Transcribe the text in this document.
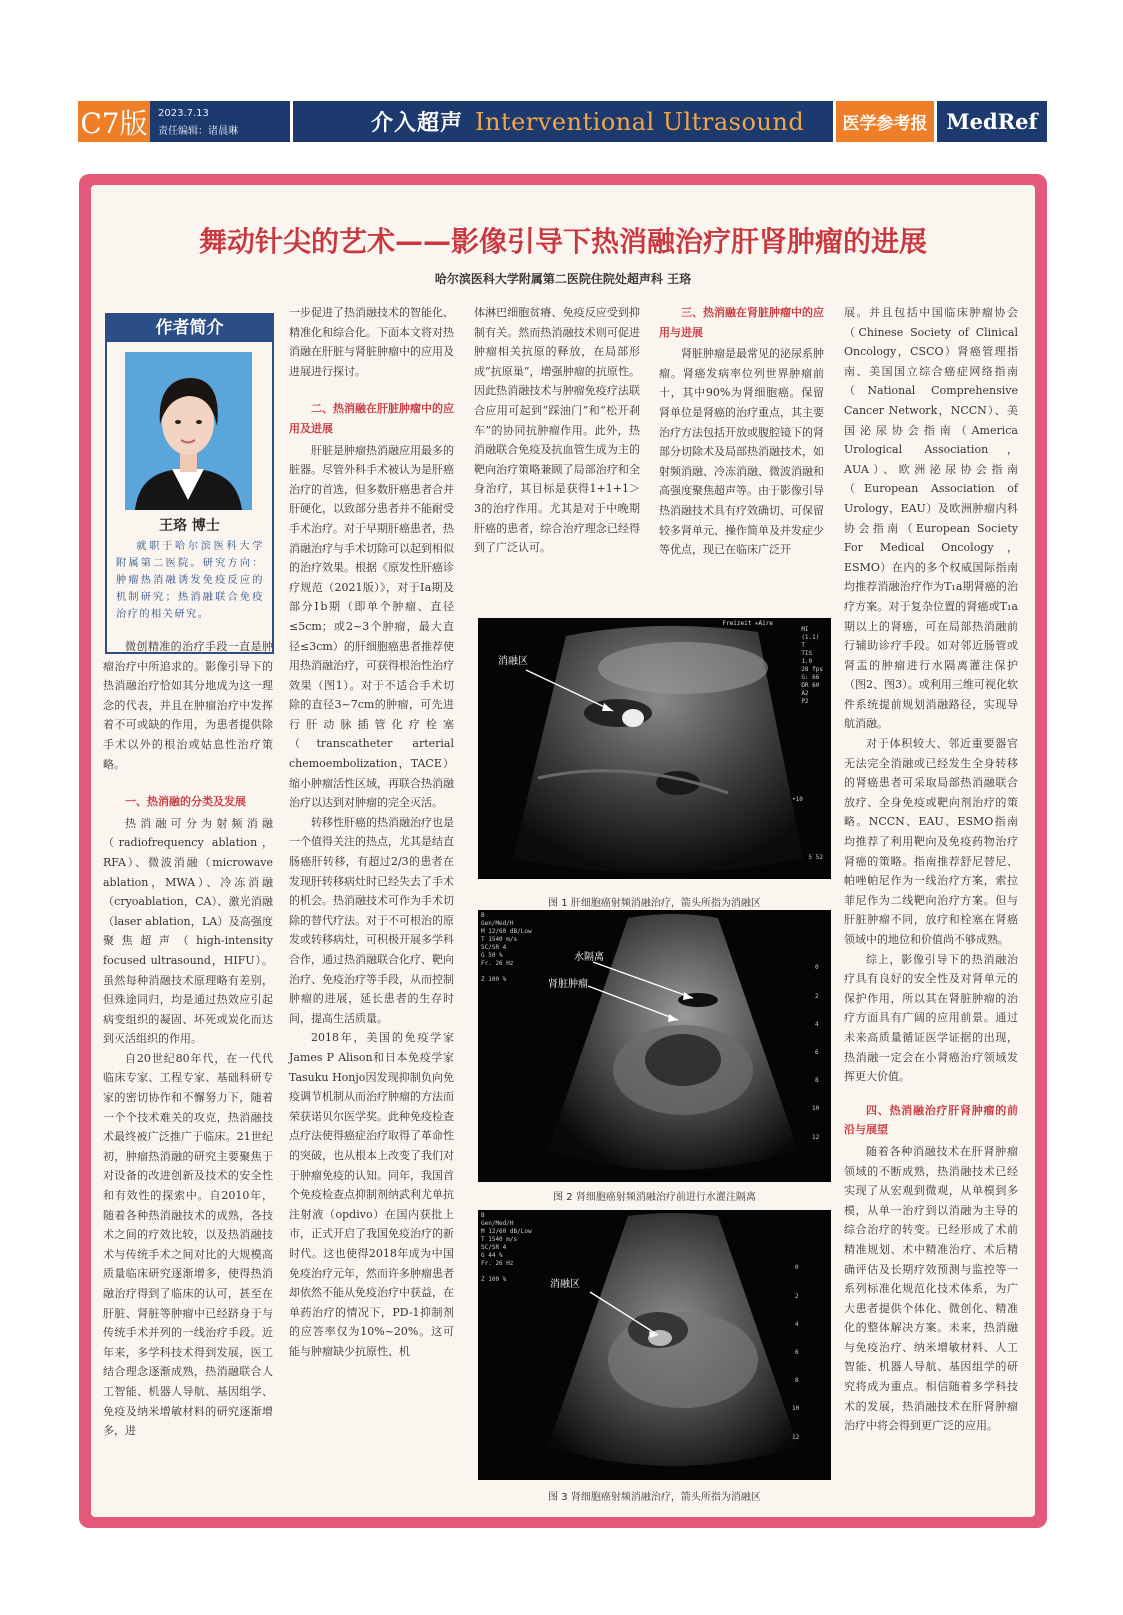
C7版	2023.7.13
责任编辑：诸晨琳	介入超声 Interventional Ultrasound	医学参考报 MedRef
舞动针尖的艺术——影像引导下热消融治疗肝肾肿瘤的进展
哈尔滨医科大学附属第二医院住院处超声科 王珞
作者简介
王珞 博士
就职于哈尔滨医科大学附属第二医院。研究方向：肿瘤热消融诱发免疫反应的机制研究；热消融联合免疫治疗的相关研究。

微创精准的治疗手段一直是肿瘤治疗中所追求的。影像引导下的热消融治疗恰如其分地成为这一理念的代表，并且在肿瘤治疗中发挥着不可或缺的作用，为患者提供除手术以外的根治或姑息性治疗策略。

一、热消融的分类及发展

热消融可分为射频消融（radiofrequency ablation，RFA）、微波消融（microwave ablation，MWA）、冷冻消融（cryoablation，CA）、激光消融（laser ablation，LA）及高强度聚焦超声（high-intensity focused ultrasound，HIFU）。虽然每种消融技术原理略有差别，但殊途同归，均是通过热效应引起病变组织的凝固、坏死或炭化而达到灭活组织的作用。

自20世纪80年代，在一代代临床专家、工程专家、基础科研专家的密切协作和不懈努力下，随着一个个技术难关的攻克，热消融技术最终被广泛推广于临床。21世纪初，肿瘤热消融的研究主要聚焦于对设备的改进创新及技术的安全性和有效性的探索中。自2010年，随着各种热消融技术的成熟，各技术之间的疗效比较，以及热消融技术与传统手术之间对比的大规模高质量临床研究逐渐增多，使得热消融治疗得到了临床的认可，甚至在肝脏、肾脏等肿瘤中已经跻身于与传统手术并列的一线治疗手段。近年来，多学科技术得到发展，医工结合理念逐渐成熟，热消融联合人工智能、机器人导航、基因组学、免疫及纳米增敏材料的研究逐渐增多，进

一步促进了热消融技术的智能化、精准化和综合化。下面本文将对热消融在肝脏与肾脏肿瘤中的应用及进展进行探讨。

二、热消融在肝脏肿瘤中的应用及进展

肝脏是肿瘤热消融应用最多的脏器。尽管外科手术被认为是肝癌治疗的首选，但多数肝癌患者合并肝硬化，以致部分患者并不能耐受手术治疗。对于早期肝癌患者，热消融治疗与手术切除可以起到相似的治疗效果。根据《原发性肝癌诊疗规范（2021版）》，对于Ⅰa期及部分Ⅰb期（即单个肿瘤、直径≤5cm；或2~3个肿瘤，最大直径≤3cm）的肝细胞癌患者推荐使用热消融治疗，可获得根治性治疗效果（图1）。对于不适合手术切除的直径3~7cm的肿瘤，可先进行肝动脉插管化疗栓塞（transcatheter arterial chemoembolization，TACE）缩小肿瘤活性区域，再联合热消融治疗以达到对肿瘤的完全灭活。

转移性肝癌的热消融治疗也是一个值得关注的热点，尤其是结直肠癌肝转移，有超过2/3的患者在发现肝转移病灶时已经失去了手术的机会。热消融技术可作为手术切除的替代疗法。对于不可根治的原发或转移病灶，可积极开展多学科合作，通过热消融联合化疗、靶向治疗、免疫治疗等手段，从而控制肿瘤的进展，延长患者的生存时间，提高生活质量。

2018年，美国的免疫学家James P Alison和日本免疫学家Tasuku Honjo因发现抑制负向免疫调节机制从而治疗肿瘤的方法而荣获诺贝尔医学奖。此种免疫检查点疗法使得癌症治疗取得了革命性的突破，也从根本上改变了我们对于肿瘤免疫的认知。同年，我国首个免疫检查点抑制剂纳武利尤单抗注射液（opdivo）在国内获批上市，正式开启了我国免疫治疗的新时代。这也使得2018年成为中国免疫治疗元年，然而许多肿瘤患者却依然不能从免疫治疗中获益，在单药治疗的情况下，PD-1抑制剂的应答率仅为10%~20%。这可能与肿瘤缺少抗原性、机

体淋巴细胞贫瘠、免疫反应受到抑制有关。然而热消融技术则可促进肿瘤相关抗原的释放，在局部形成“抗原巢”，增强肿瘤的抗原性。因此热消融技术与肿瘤免疫疗法联合应用可起到“踩油门”和“松开刹车”的协同抗肿瘤作用。此外，热消融联合免疫及抗血管生成为主的靶向治疗策略兼顾了局部治疗和全身治疗，其目标是获得1+1+1＞3的治疗作用。尤其是对于中晚期肝癌的患者，综合治疗理念已经得到了广泛认可。

三、热消融在肾脏肿瘤中的应用与进展

肾脏肿瘤是最常见的泌尿系肿瘤。肾癌发病率位列世界肿瘤前十，其中90%为肾细胞癌。保留肾单位是肾癌的治疗重点，其主要治疗方法包括开放或腹腔镜下的肾部分切除术及局部热消融技术，如射频消融、冷冻消融、微波消融和高强度聚焦超声等。由于影像引导热消融技术具有疗效确切、可保留较多肾单元、操作简单及并发症少等优点，现已在临床广泛开

展。并且包括中国临床肿瘤协会（Chinese Society of Clinical Oncology，CSCO）肾癌管理指南、美国国立综合癌症网络指南（National Comprehensive Cancer Network，NCCN）、美国泌尿协会指南（America Urological Association，AUA）、欧洲泌尿协会指南（European Association of Urology，EAU）及欧洲肿瘤内科协会指南（European Society For Medical Oncology，ESMO）在内的多个权威国际指南均推荐消融治疗作为T₁a期肾癌的治疗方案。对于复杂位置的肾癌或T₁a期以上的肾癌，可在局部热消融前行辅助诊疗手段。如对邻近肠管或肾盂的肿瘤进行水隔离灌注保护（图2、图3）。或利用三维可视化软件系统提前规划消融路径，实现导航消融。

对于体积较大、邻近重要器官无法完全消融或已经发生全身转移的肾癌患者可采取局部热消融联合放疗、全身免疫或靶向剂治疗的策略。NCCN、EAU、ESMO指南均推荐了利用靶向及免疫药物治疗肾癌的策略。指南推荐舒尼替尼、帕唑帕尼作为一线治疗方案，索拉菲尼作为二线靶向治疗方案。但与肝脏肿瘤不同，放疗和栓塞在肾癌领域中的地位和价值尚不够成熟。

综上，影像引导下的热消融治疗具有良好的安全性及对肾单元的保护作用，所以其在肾脏肿瘤的治疗方面具有广阔的应用前景。通过未来高质量循证医学证据的出现，热消融一定会在小肾癌治疗领域发挥更大价值。

四、热消融治疗肝肾肿瘤的前沿与展望

随着各种消融技术在肝肾肿瘤领域的不断成熟，热消融技术已经实现了从宏观到微观，从单模到多模，从单一治疗到以消融为主导的综合治疗的转变。已经形成了术前精准规划、术中精准治疗、术后精确评估及长期疗效预测与监控等一系列标准化规范化技术体系，为广大患者提供个体化、微创化、精准化的整体解决方案。未来，热消融与免疫治疗、纳米增敏材料、人工智能、机器人导航、基因组学的研究将成为重点。相信随着多学科技术的发展，热消融技术在肝肾肿瘤治疗中将会得到更广泛的应用。

消融区
Freizeit ✳Aire
MI
(1.1)
T
TIS
1.0
28 fps
G: 66
DR 60
A2
P2
•10
5 52
图 1 肝细胞癌射频消融治疗，箭头所指为消融区
B
Gen/Med/H
M 12/60 dB/Low
T 1540 m/s
SC/SR 4
G 50 %
Fr. 26 Hz
Z 100 %
水隔离
肾脏肿瘤
0
2
4
6
8
10
12
图 2 肾细胞癌射频消融治疗前进行水灌注隔离
B
Gen/Med/H
M 12/60 dB/Low
T 1540 m/s
SC/SR 4
G 44 %
Fr. 26 Hz
Z 100 %	消融区
0
2
4
6
8
10
12
图 3 肾细胞癌射频消融治疗，箭头所指为消融区
